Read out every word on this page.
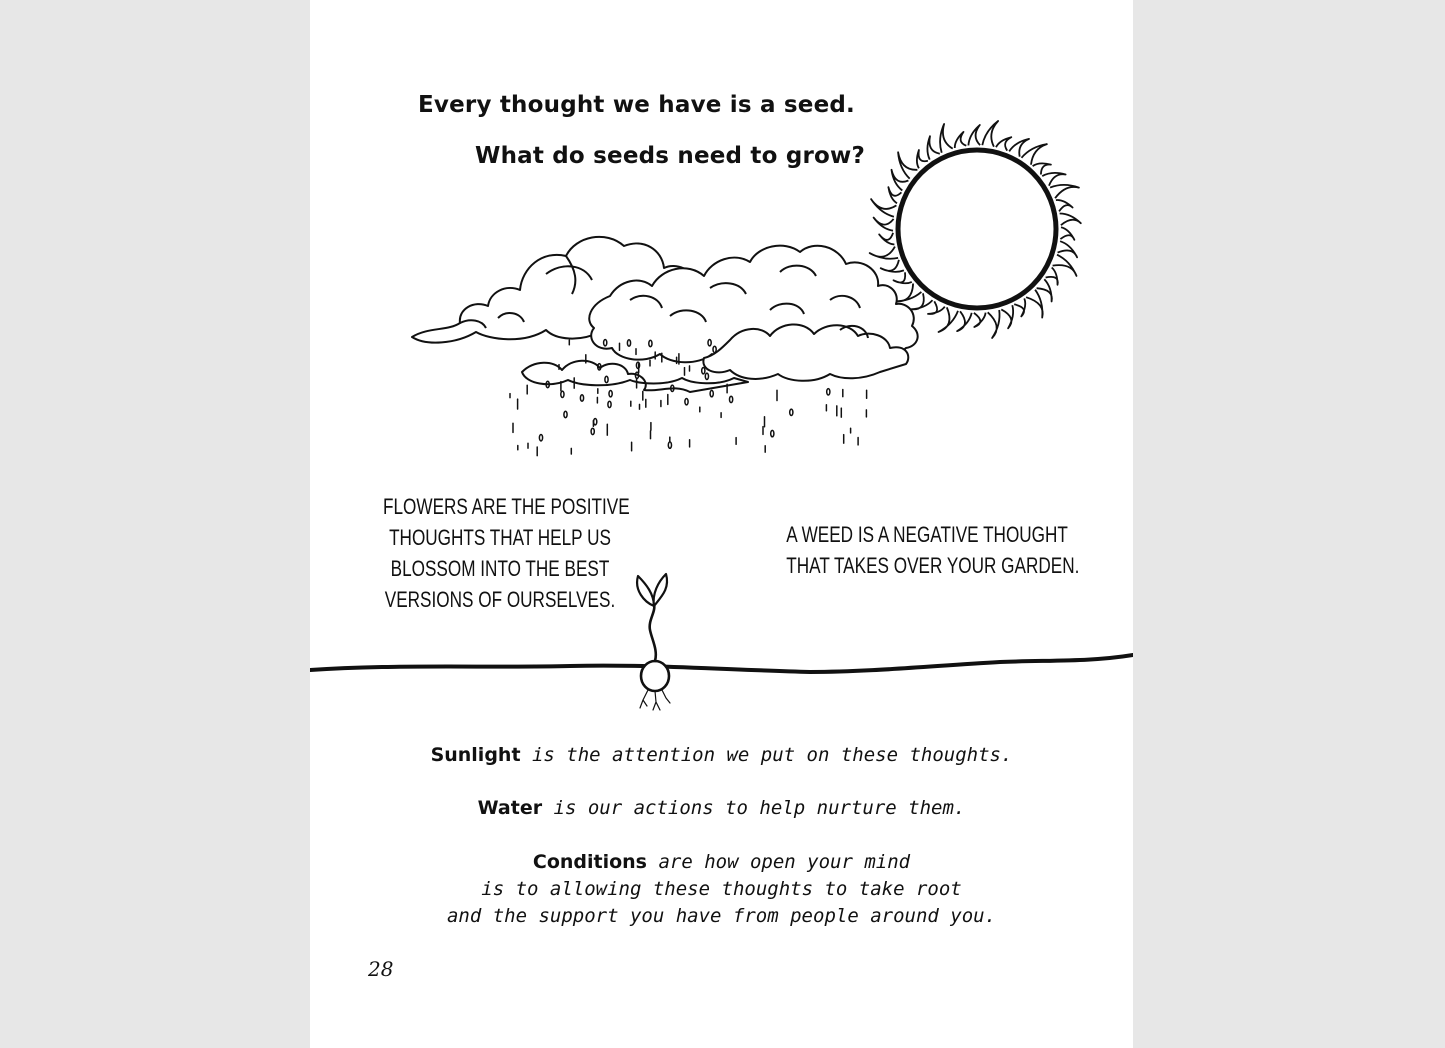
Every thought we have is a seed.
What do seeds need to grow?
FLOWERS ARE THE POSITIVE
THOUGHTS THAT HELP US
BLOSSOM INTO THE BEST
VERSIONS OF OURSELVES.
A WEED IS A NEGATIVE THOUGHT
THAT TAKES OVER YOUR GARDEN.
Sunlight is the attention we put on these thoughts.
Water is our actions to help nurture them.
Conditions are how open your mind
is to allowing these thoughts to take root
and the support you have from people around you.
28
